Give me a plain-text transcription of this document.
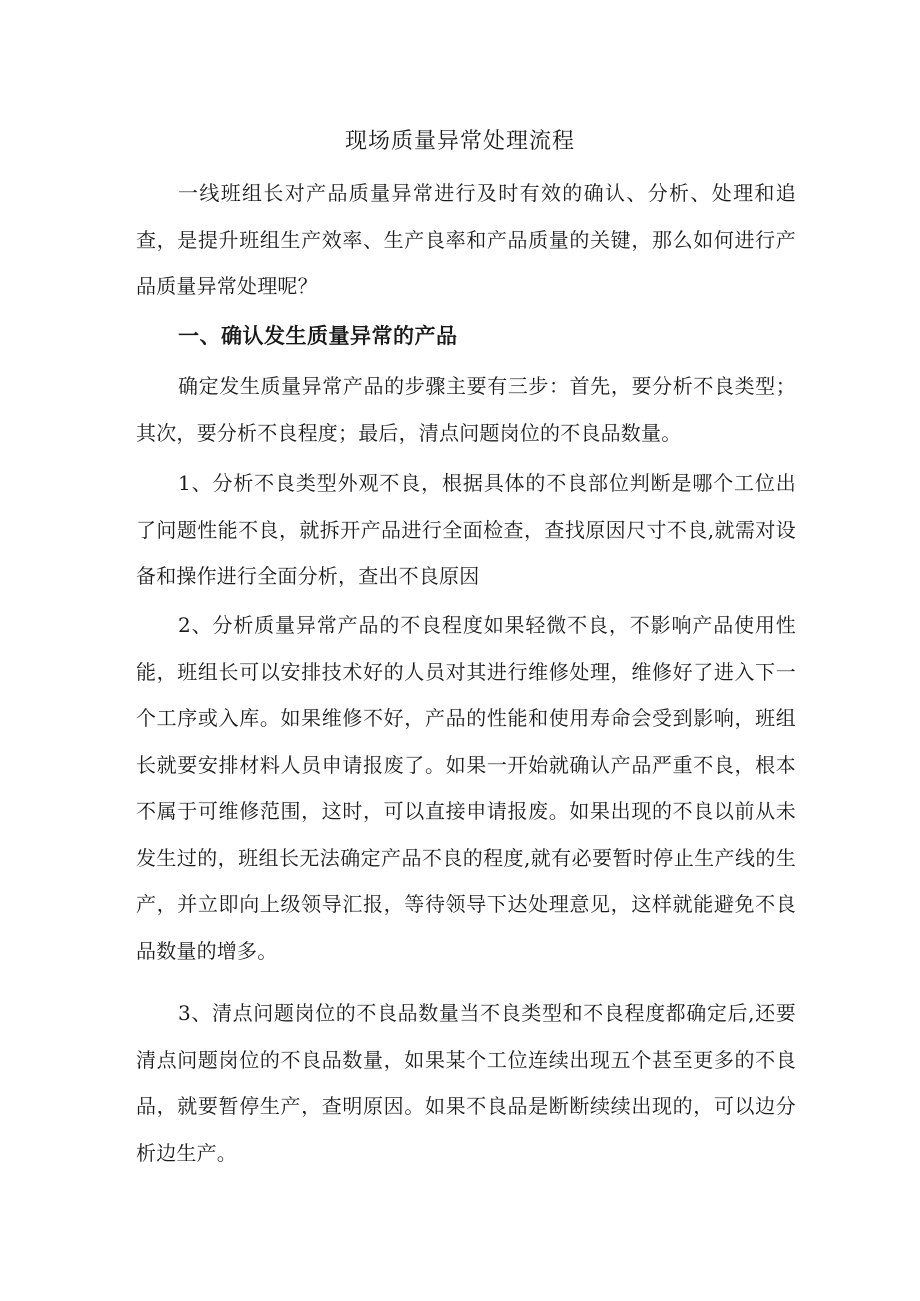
现场质量异常处理流程

一线班组长对产品质量异常进行及时有效的确认、分析、处理和追查，是提升班组生产效率、生产良率和产品质量的关键，那么如何进行产品质量异常处理呢？

一、确认发生质量异常的产品

确定发生质量异常产品的步骤主要有三步：首先，要分析不良类型；其次，要分析不良程度；最后，清点问题岗位的不良品数量。

1、分析不良类型外观不良，根据具体的不良部位判断是哪个工位出了问题性能不良，就拆开产品进行全面检查，查找原因尺寸不良,就需对设备和操作进行全面分析，查出不良原因

2、分析质量异常产品的不良程度如果轻微不良，不影响产品使用性能，班组长可以安排技术好的人员对其进行维修处理，维修好了进入下一个工序或入库。如果维修不好，产品的性能和使用寿命会受到影响，班组长就要安排材料人员申请报废了。如果一开始就确认产品严重不良，根本不属于可维修范围，这时，可以直接申请报废。如果出现的不良以前从未发生过的，班组长无法确定产品不良的程度,就有必要暂时停止生产线的生产，并立即向上级领导汇报，等待领导下达处理意见，这样就能避免不良品数量的增多。

3、清点问题岗位的不良品数量当不良类型和不良程度都确定后,还要清点问题岗位的不良品数量，如果某个工位连续出现五个甚至更多的不良品，就要暂停生产，查明原因。如果不良品是断断续续出现的，可以边分析边生产。
